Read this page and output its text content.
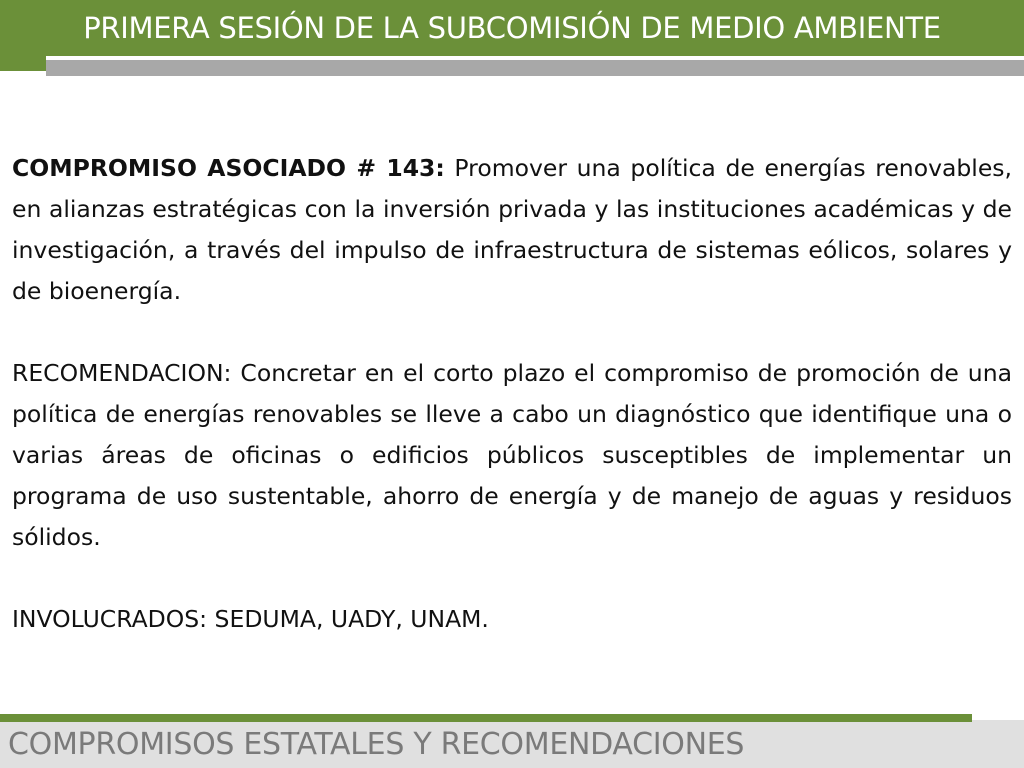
PRIMERA SESIÓN DE LA SUBCOMISIÓN DE MEDIO AMBIENTE

COMPROMISO ASOCIADO # 143: Promover una política de energías renovables, en alianzas estratégicas con la inversión privada y las instituciones académicas y de investigación, a través del impulso de infraestructura de sistemas eólicos, solares y de bioenergía.

RECOMENDACION: Concretar en el corto plazo el compromiso de promoción de una política de energías renovables se lleve a cabo un diagnóstico que identifique una o varias áreas de oficinas o edificios públicos susceptibles de implementar un programa de uso sustentable, ahorro de energía y de manejo de aguas y residuos sólidos.

INVOLUCRADOS: SEDUMA, UADY, UNAM.

COMPROMISOS ESTATALES Y RECOMENDACIONES
